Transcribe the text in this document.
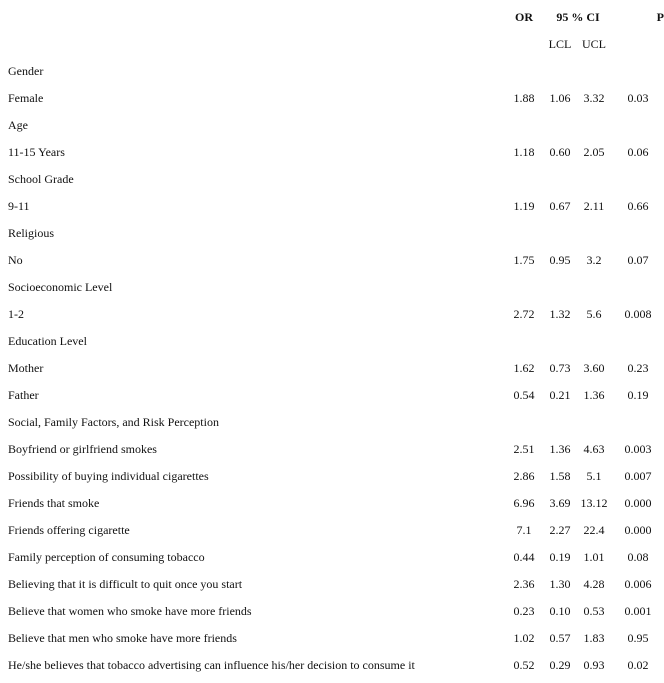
	OR	95 % CI		P
		LCL	UCL	
Gender				
Female	1.88	1.06	3.32	0.03
Age				
11-15 Years	1.18	0.60	2.05	0.06
School Grade				
9-11	1.19	0.67	2.11	0.66
Religious				
No	1.75	0.95	3.2	0.07
Socioeconomic Level				
1-2	2.72	1.32	5.6	0.008
Education Level				
Mother	1.62	0.73	3.60	0.23
Father	0.54	0.21	1.36	0.19
Social, Family Factors, and Risk Perception				
Boyfriend or girlfriend smokes	2.51	1.36	4.63	0.003
Possibility of buying individual cigarettes	2.86	1.58	5.1	0.007
Friends that smoke	6.96	3.69	13.12	0.000
Friends offering cigarette	7.1	2.27	22.4	0.000
Family perception of consuming tobacco	0.44	0.19	1.01	0.08
Believing that it is difficult to quit once you start	2.36	1.30	4.28	0.006
Believe that women who smoke have more friends	0.23	0.10	0.53	0.001
Believe that men who smoke have more friends	1.02	0.57	1.83	0.95
He/she believes that tobacco advertising can influence his/her decision to consume it	0.52	0.29	0.93	0.02
